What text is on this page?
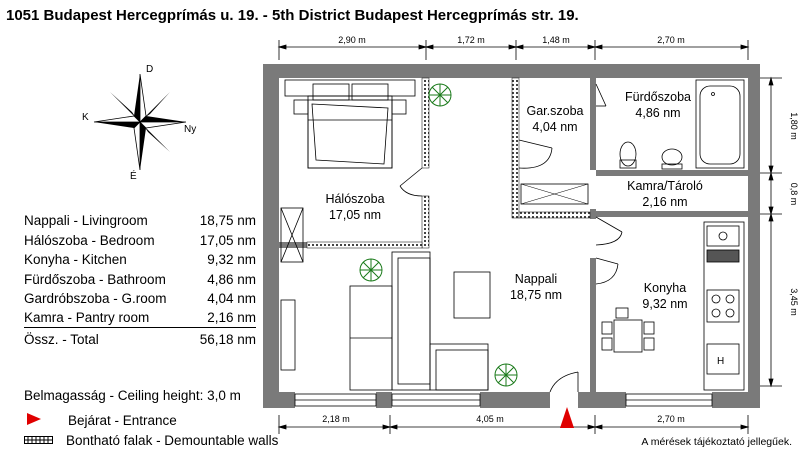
1051 Budapest Hercegprímás u. 19. - 5th District Budapest Hercegprímás str. 19.
2,90 m	1,72 m	1,48 m	2,70 m
2,18 m	4,05 m	2,70 m
1,80 m
0,8 m
3,45 m
H
Hálószoba
17,05 nm
Nappali
18,75 nm
Gar.szoba
4,04 nm
Fürdőszoba
4,86 nm
Kamra/Tároló
2,16 nm
Konyha
9,32 nm
D
É
K
Ny
Nappali - Livingroom	18,75 nm
Hálószoba - Bedroom	17,05 nm
Konyha - Kitchen	9,32 nm
Fürdőszoba - Bathroom	4,86 nm
Gardróbszoba - G.room	4,04 nm
Kamra - Pantry room	2,16 nm
Össz. - Total	56,18 nm
Belmagasság - Ceiling height: 3,0 m
Bejárat - Entrance
Bontható falak - Demountable walls	A mérések tájékoztató jellegűek.
